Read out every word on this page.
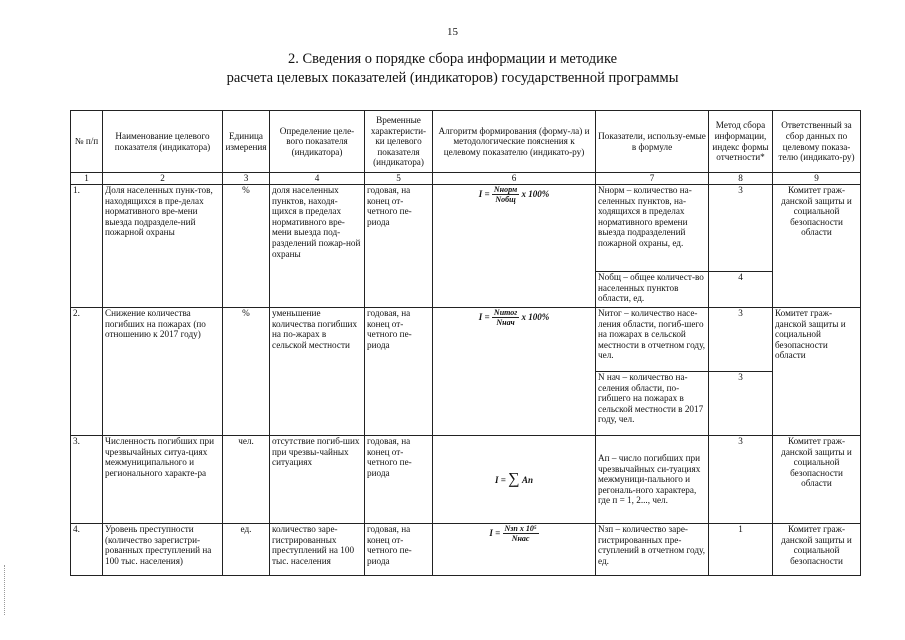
15
2. Сведения о порядке сбора информации и методике
расчета целевых показателей (индикаторов) государственной программы
№ п/п	Наименование целевого показателя (индикатора)	Единица измерения	Определение целе-вого показателя (индикатора)	Временные характеристи-ки целевого показателя (индикатора)	Алгоритм формирования (форму-ла) и методологические пояснения к целевому показателю (индикато-ру)	Показатели, использу-емые в формуле	Метод сбора информации, индекс формы отчетности*	Ответственный за сбор данных по целевому показа-телю (индикато-ру)
1	2	3	4	5	6	7	8	9
1.	Доля населенных пунк-тов, находящихся в пре-делах нормативного вре-мени выезда подразделе-ний пожарной охраны	%	доля населенных пунктов, находя-щихся в пределах нормативного вре-мени выезда под-разделений пожар-ной охраны	годовая, на конец от-четного пе-риода	$I = \frac{\text{Nнорм}}{\text{Nобщ}}$ x 100%	Nнорм – количество на-селенных пунктов, на-ходящихся в пределах нормативного времени выезда подразделений пожарной охраны, ед.	3	Комитет граж-данской защиты и социальной безопасности области
						Nобщ – общее количест-во населенных пунктов области, ед.	4	
2.	Снижение количества погибших на пожарах (по отношению к 2017 году)	%	уменьшение количества погибших на по-жарах в сельской местности	годовая, на конец от-четного пе-риода	$I = \frac{\text{Nитог}}{\text{Nнач}}$ x 100%	Nитог – количество насе-ления области, погиб-шего на пожарах в сельской местности в отчетном году, чел.	3	Комитет граж-данской защиты и социальной безопасности области
						N нач – количество на-селения области, по-гибшего на пожарах в сельской местности в 2017 году, чел.	3	
3.	Численность погибших при чрезвычайных ситуа-циях межмуниципального и регионального характе-ра	чел.	отсутствие погиб-ших при чрезвы-чайных ситуациях	годовая, на конец от-четного пе-риода	I = ∑ Aп	Aп – число погибших при чрезвычайных си-туациях межмуници-пального и регональ-ного характера, где п = 1, 2..., чел.	3	Комитет граж-данской защиты и социальной безопасности области
4.	Уровень преступности (количество зарегистри-рованных преступлений на 100 тыс. населения)	ед.	количество заре-гистрированных преступлений на 100 тыс. населения	годовая, на конец от-четного пе-риода	$I = \frac{\text{Nзп x 10⁵}}{\text{Nнас}}$	Nзп – количество заре-гистрированных пре-ступлений в отчетном году, ед.	1	Комитет граж-данской защиты и социальной безопасности
